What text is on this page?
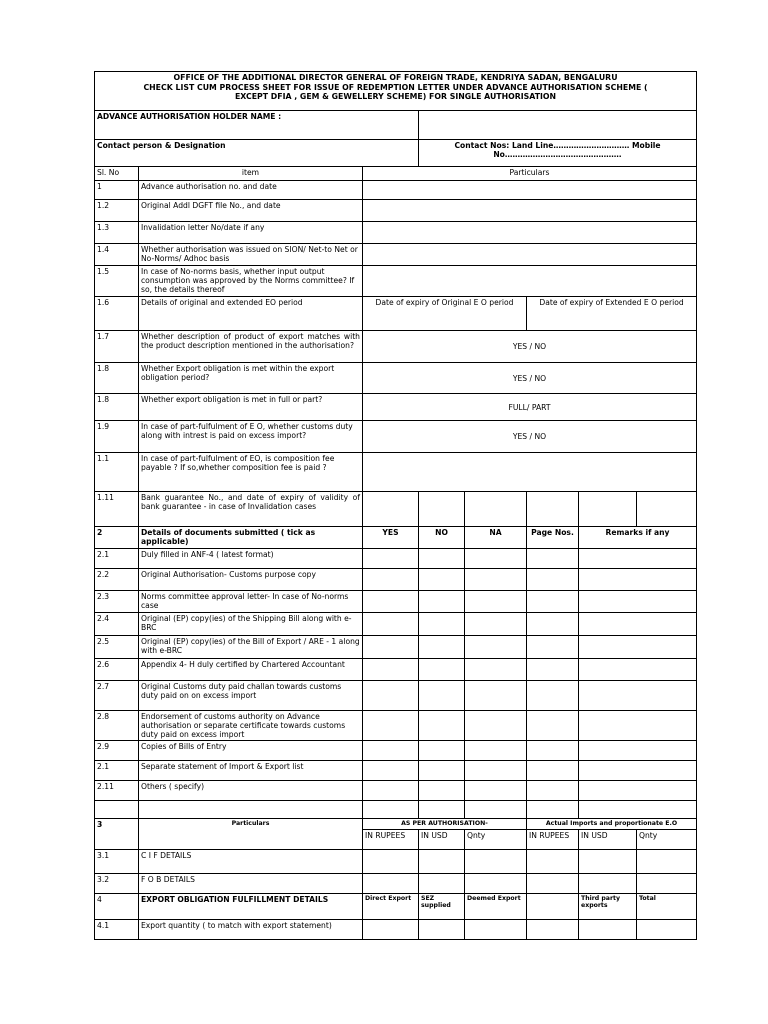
OFFICE OF THE ADDITIONAL DIRECTOR GENERAL OF FOREIGN TRADE, KENDRIYA SADAN, BENGALURU
CHECK LIST CUM PROCESS SHEET FOR ISSUE OF REDEMPTION LETTER UNDER ADVANCE AUTHORISATION SCHEME (
EXCEPT DFIA , GEM & GEWELLERY SCHEME) FOR SINGLE AUTHORISATION							

ADVANCE AUTHORISATION HOLDER NAME :							
Contact person & Designation			Contact Nos: Land Line………………………… Mobile No……………………………………….				
Sl. No	item	Particulars					
1	Advance authorisation no. and date						
1.2	Original Addl DGFT file No., and date						
1.3	Invalidation letter No/date if any						
1.4	Whether authorisation was issued on SION/ Net-to Net or No-Norms/ Adhoc basis						
1.5	In case of No-norms basis, whether input output consumption was approved by the Norms committee? If so, the details thereof						
1.6	Details of original and extended EO period	Date of expiry of Original E O period			Date of expiry of Extended E O period		
1.7	Whether description of product of export matches with the product description mentioned in the authorisation?	YES / NO					
1.8	Whether Export obligation is met within the export obligation period?	YES / NO					
1.8	Whether export obligation is met in full or part?	FULL/ PART					
1.9	In case of part-fulfulment of E O, whether customs duty along with intrest is paid on excess import?	YES / NO					
1.1	In case of part-fulfulment of EO, is composition fee payable ? If so,whether composition fee is paid ?						
1.11	Bank guarantee No., and date of expiry of validity of bank guarantee - in case of Invalidation cases						
2	Details of documents submitted ( tick as applicable)	YES	NO	NA	Page Nos.	Remarks if any	
2.1	Duly filled in ANF-4 ( latest format)						
2.2	Original Authorisation- Customs purpose copy						
2.3	Norms committee approval letter- In case of No-norms case						
2.4	Original (EP) copy(ies) of the Shipping Bill along with e-BRC						
2.5	Original (EP) copy(ies) of the Bill of Export / ARE - 1 along with e-BRC						
2.6	Appendix 4- H duly certified by Chartered Accountant						
2.7	Original Customs duty paid challan towards customs duty paid on on excess import						
2.8	Endorsement of customs authority on Advance authorisation or separate certificate towards customs duty paid on excess import						
2.9	Copies of Bills of Entry						
2.1	Separate statement of Import & Export list						
2.11	Others ( specify)						

3	Particulars	AS PER AUTHORISATION-			Actual Imports and proportionate E.O		
		IN RUPEES	IN USD	Qnty	IN RUPEES	IN USD	Qnty
3.1	C I F DETAILS						
3.2	F O B DETAILS						
4	EXPORT OBLIGATION FULFILLMENT DETAILS	Direct Export	SEZ supplied	Deemed Export		Third party exports	Total
4.1	Export quantity ( to match with export statement)						
